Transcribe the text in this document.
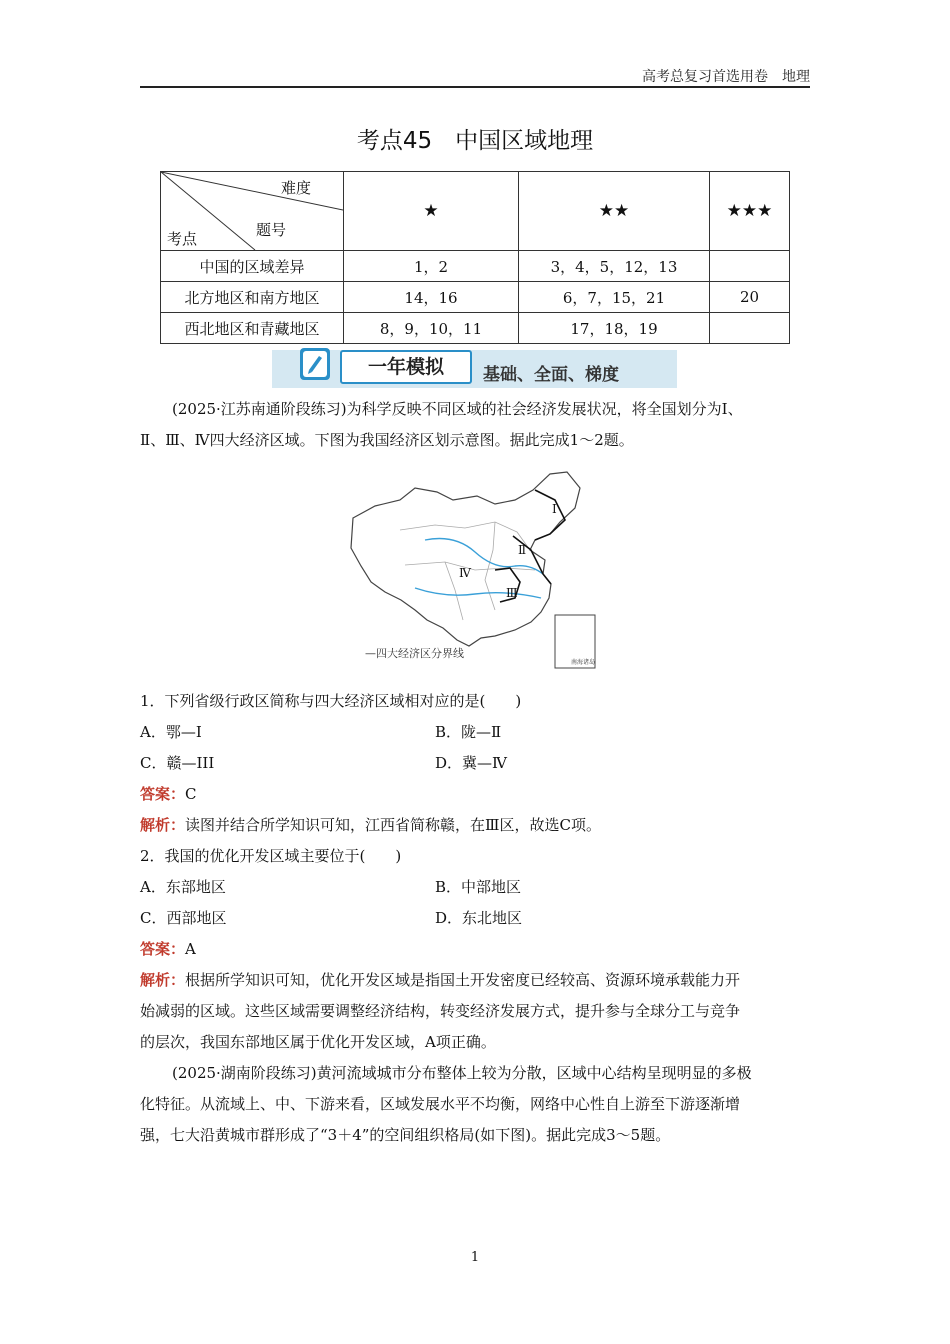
高考总复习首选用卷　地理
考点45　中国区域地理
难度
题号
考点	★	★★	★★★
中国的区域差异	1，2	3，4，5，12，13	
北方地区和南方地区	14，16	6，7，15，21	20
西北地区和青藏地区	8，9，10，11	17，18，19	
一年模拟	基础、全面、梯度
(2025·江苏南通阶段练习)为科学反映不同区域的社会经济发展状况，将全国划分为Ⅰ、
Ⅱ、Ⅲ、Ⅳ四大经济区域。下图为我国经济区划示意图。据此完成1～2题。
Ⅰ
Ⅱ
Ⅲ
Ⅳ
—四大经济区分界线
南海诸岛
1．下列省级行政区简称与四大经济区域相对应的是(　　)
A．鄂—Ⅰ	B．陇—Ⅱ
C．赣—III	D．冀—Ⅳ
答案：C
解析：读图并结合所学知识可知，江西省简称赣，在Ⅲ区，故选C项。
2．我国的优化开发区域主要位于(　　)
A．东部地区	B．中部地区
C．西部地区	D．东北地区
答案：A
解析：根据所学知识可知，优化开发区域是指国土开发密度已经较高、资源环境承载能力开
始减弱的区域。这些区域需要调整经济结构，转变经济发展方式，提升参与全球分工与竞争
的层次，我国东部地区属于优化开发区域，A项正确。
(2025·湖南阶段练习)黄河流域城市分布整体上较为分散，区域中心结构呈现明显的多极
化特征。从流域上、中、下游来看，区域发展水平不均衡，网络中心性自上游至下游逐渐增
强，七大沿黄城市群形成了“3＋4”的空间组织格局(如下图)。据此完成3～5题。
1
